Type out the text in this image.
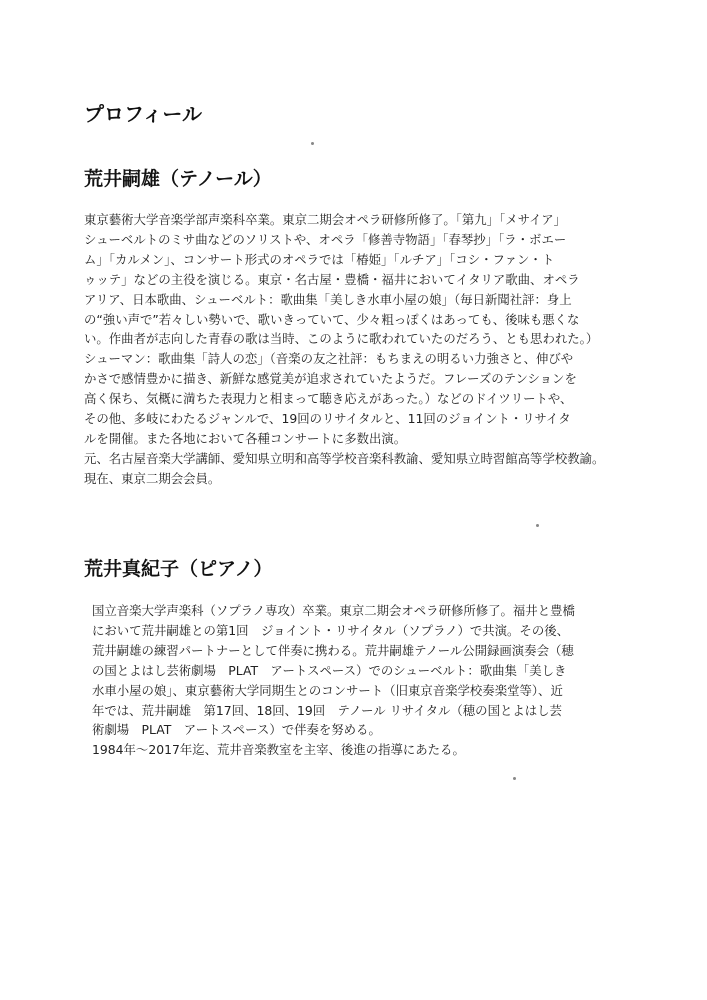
プロフィール
荒井嗣雄（テノール）
東京藝術大学音楽学部声楽科卒業。東京二期会オペラ研修所修了。「第九」「メサイア」
シューベルトのミサ曲などのソリストや、オペラ「修善寺物語」「春琴抄」「ラ・ボエー
ム」「カルメン」、コンサート形式のオペラでは「椿姫」「ルチア」「コシ・ファン・ト
ゥッテ」などの主役を演じる。東京・名古屋・豊橋・福井においてイタリア歌曲、オペラ
アリア、日本歌曲、シューベルト：歌曲集「美しき水車小屋の娘」（毎日新聞社評：身上
の“強い声で”若々しい勢いで、歌いきっていて、少々粗っぽくはあっても、後味も悪くな
い。作曲者が志向した青春の歌は当時、このように歌われていたのだろう、とも思われた。）
シューマン：歌曲集「詩人の恋」（音楽の友之社評：もちまえの明るい力強さと、伸びや
かさで感情豊かに描き、新鮮な感覚美が追求されていたようだ。フレーズのテンションを
高く保ち、気概に満ちた表現力と相まって聴き応えがあった。）などのドイツリートや、
その他、多岐にわたるジャンルで、19回のリサイタルと、11回のジョイント・リサイタ
ルを開催。また各地において各種コンサートに多数出演。
元、名古屋音楽大学講師、愛知県立明和高等学校音楽科教諭、愛知県立時習館高等学校教諭。
現在、東京二期会会員。
荒井真紀子（ピアノ）
国立音楽大学声楽科（ソプラノ専攻）卒業。東京二期会オペラ研修所修了。福井と豊橋
において荒井嗣雄との第1回　ジョイント・リサイタル（ソプラノ）で共演。その後、
荒井嗣雄の練習パートナーとして伴奏に携わる。荒井嗣雄テノール公開録画演奏会（穂
の国とよはし芸術劇場　PLAT　アートスペース）でのシューベルト：歌曲集「美しき
水車小屋の娘」、東京藝術大学同期生とのコンサート（旧東京音楽学校奏楽堂等）、近
年では、荒井嗣雄　第17回、18回、19回　テノール リサイタル（穂の国とよはし芸
術劇場　PLAT　アートスペース）で伴奏を努める。
1984年～2017年迄、荒井音楽教室を主宰、後進の指導にあたる。
